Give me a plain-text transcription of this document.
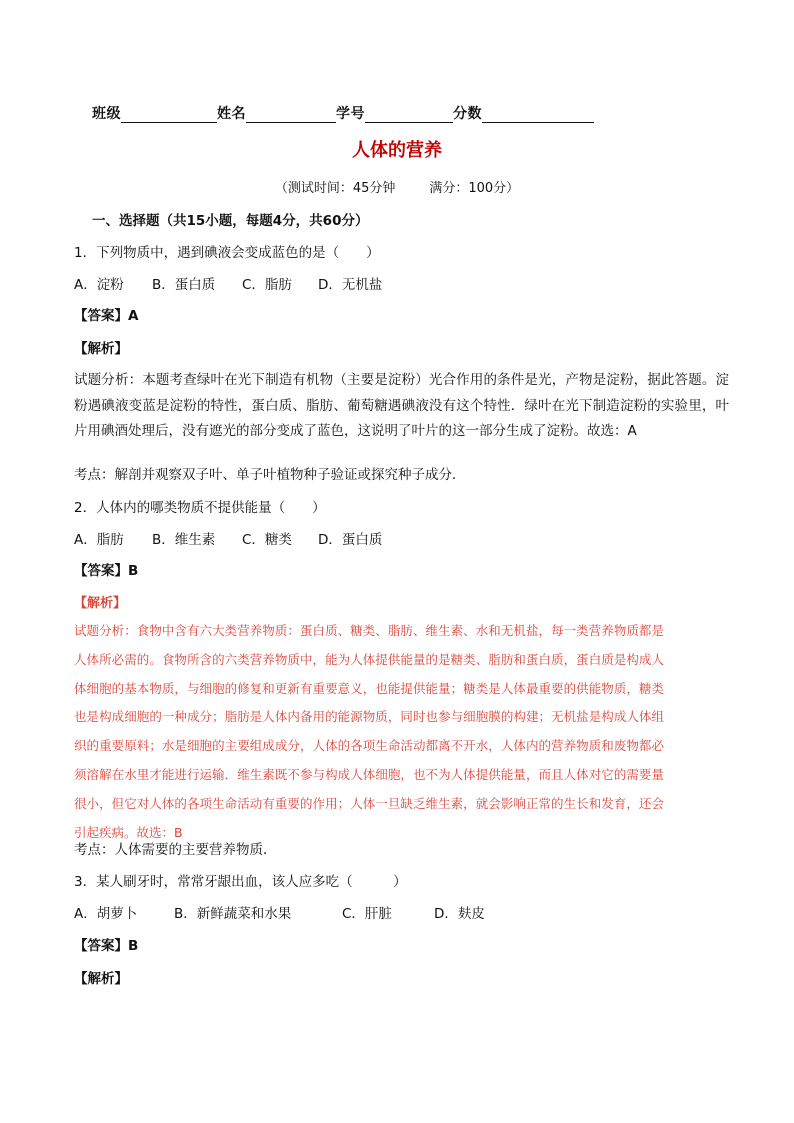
班级	姓名	学号	分数
人体的营养
（测试时间：45分钟	满分：100分）
一、选择题（共15小题，每题4分，共60分）
1．下列物质中，遇到碘液会变成蓝色的是（　　）
A．淀粉 B．蛋白质 C．脂肪 D．无机盐
【答案】A
【解析】
试题分析：本题考查绿叶在光下制造有机物（主要是淀粉）光合作用的条件是光，产物是淀粉，据此答题。淀粉遇碘液变蓝是淀粉的特性，蛋白质、脂肪、葡萄糖遇碘液没有这个特性．绿叶在光下制造淀粉的实验里，叶片用碘酒处理后，没有遮光的部分变成了蓝色，这说明了叶片的这一部分生成了淀粉。故选：A
考点：解剖并观察双子叶、单子叶植物种子验证或探究种子成分．
2．人体内的哪类物质不提供能量（　　）
A．脂肪 B．维生素 C．糖类 D．蛋白质
【答案】B
【解析】
试题分析：食物中含有六大类营养物质：蛋白质、糖类、脂肪、维生素、水和无机盐，每一类营养物质都是人体所必需的。食物所含的六类营养物质中，能为人体提供能量的是糖类、脂肪和蛋白质，蛋白质是构成人体细胞的基本物质，与细胞的修复和更新有重要意义，也能提供能量；糖类是人体最重要的供能物质，糖类也是构成细胞的一种成分；脂肪是人体内备用的能源物质，同时也参与细胞膜的构建；无机盐是构成人体组织的重要原料；水是细胞的主要组成成分，人体的各项生命活动都离不开水，人体内的营养物质和废物都必须溶解在水里才能进行运输．维生素既不参与构成人体细胞，也不为人体提供能量，而且人体对它的需要量很小，但它对人体的各项生命活动有重要的作用；人体一旦缺乏维生素，就会影响正常的生长和发育，还会引起疾病。故选：B
考点：人体需要的主要营养物质．
3．某人刷牙时，常常牙龈出血，该人应多吃（　　　）
A．胡萝卜	B．新鲜蔬菜和水果	C．肝脏	D．麸皮
【答案】B
【解析】
